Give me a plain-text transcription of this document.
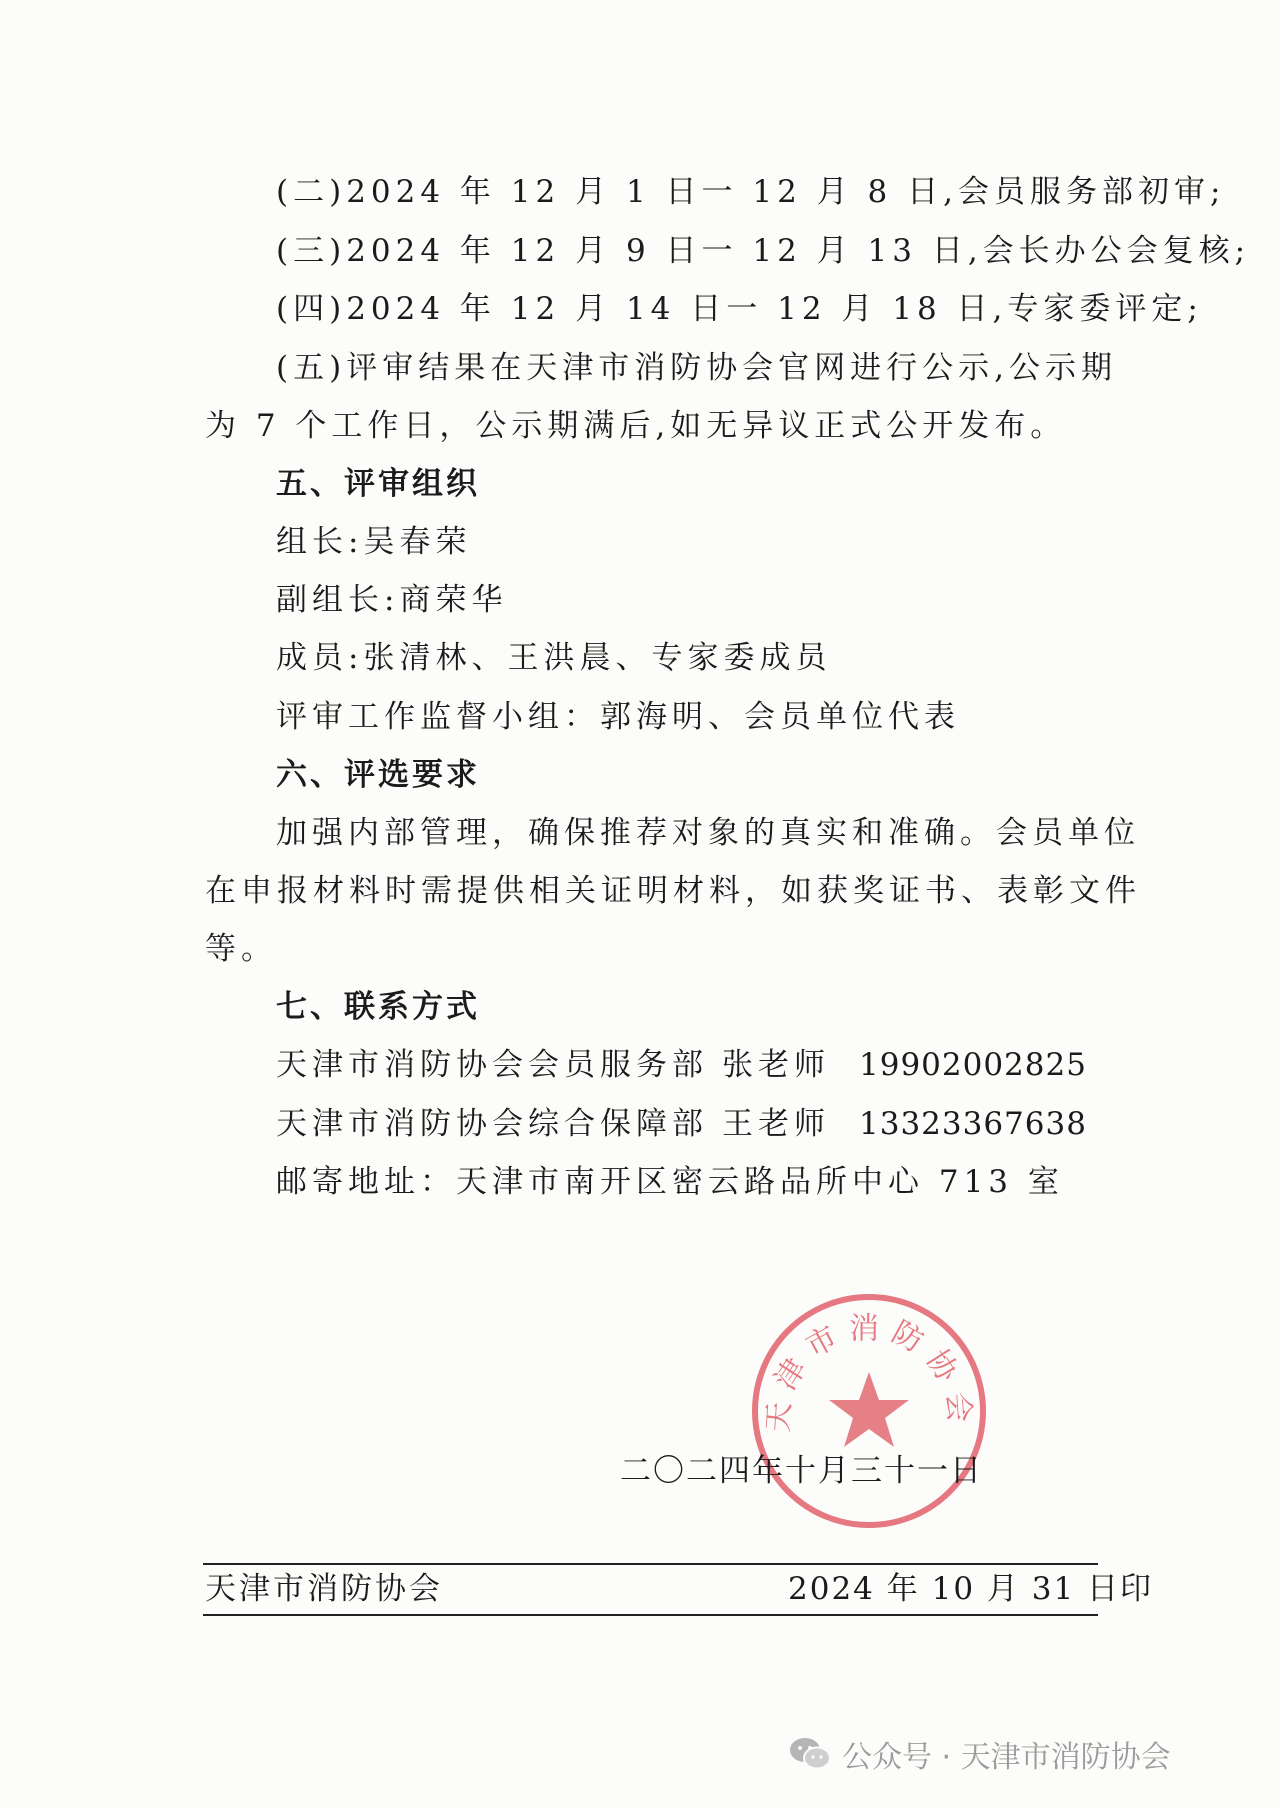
(二)2024 年 12 月 1 日一 12 月 8 日,会员服务部初审;
(三)2024 年 12 月 9 日一 12 月 13 日,会长办公会复核;
(四)2024 年 12 月 14 日一 12 月 18 日,专家委评定;
(五)评审结果在天津市消防协会官网进行公示,公示期
为 7 个工作日，公示期满后,如无异议正式公开发布。
五、评审组织
组长:吴春荣
副组长:商荣华
成员:张清林、王洪晨、专家委成员
评审工作监督小组：郭海明、会员单位代表
六、评选要求
加强内部管理，确保推荐对象的真实和准确。会员单位
在申报材料时需提供相关证明材料，如获奖证书、表彰文件
等。
七、联系方式
天津市消防协会会员服务部 张老师 19902002825
天津市消防协会综合保障部 王老师 13323367638
邮寄地址：天津市南开区密云路品所中心 713 室
天津市消防协会
二〇二四年十月三十一日
天津市消防协会	2024 年 10 月 31 日印
公众号 · 天津市消防协会
